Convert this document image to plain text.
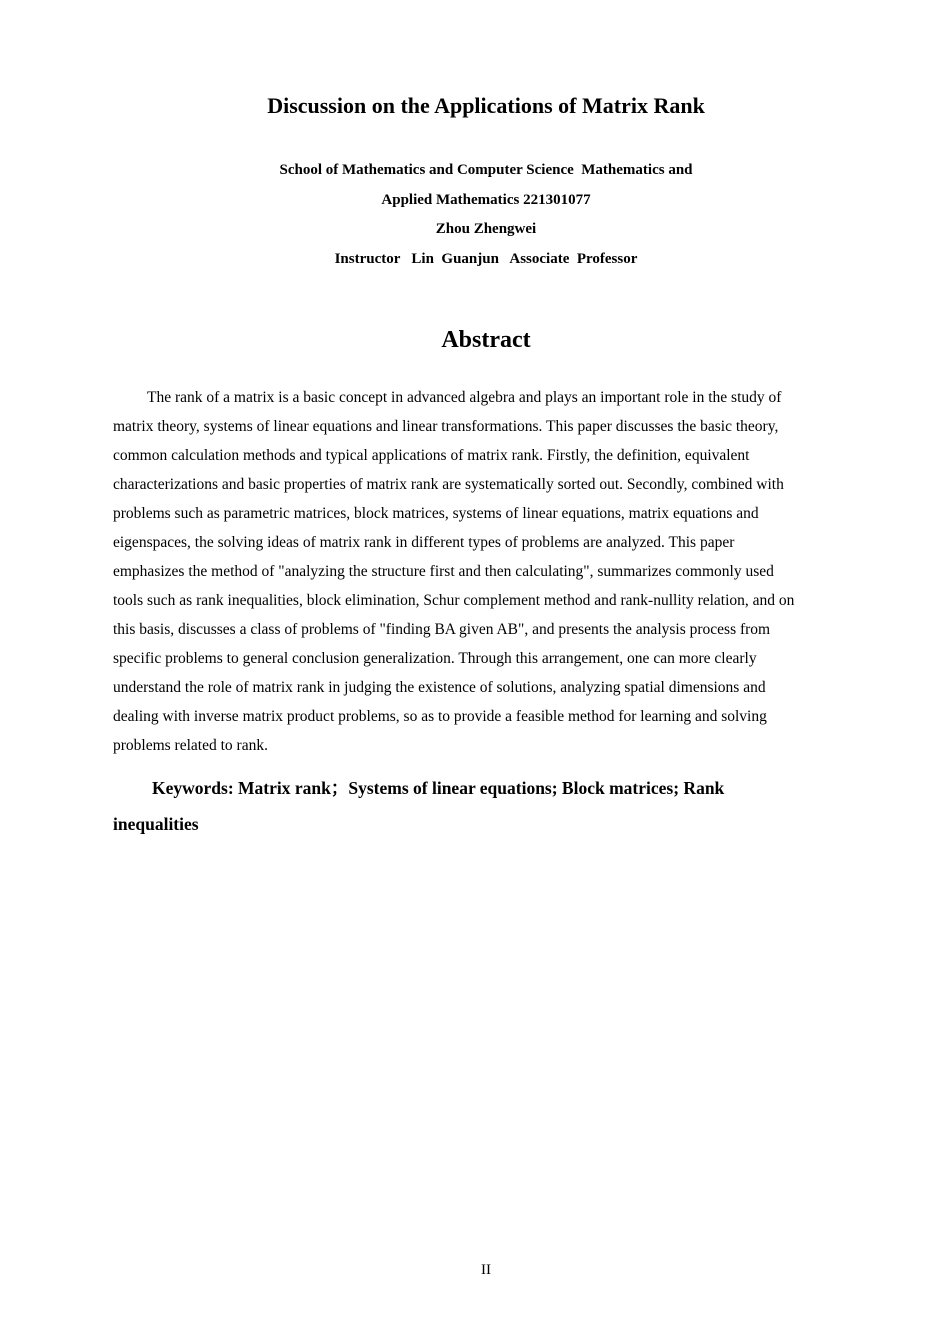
Discussion on the Applications of Matrix Rank
School of Mathematics and Computer Science  Mathematics and
Applied Mathematics 221301077
Zhou Zhengwei
Instructor   Lin  Guanjun   Associate  Professor
Abstract
The rank of a matrix is a basic concept in advanced algebra and plays an important role in the study of
matrix theory, systems of linear equations and linear transformations. This paper discusses the basic theory,
common calculation methods and typical applications of matrix rank. Firstly, the definition, equivalent
characterizations and basic properties of matrix rank are systematically sorted out. Secondly, combined with
problems such as parametric matrices, block matrices, systems of linear equations, matrix equations and
eigenspaces, the solving ideas of matrix rank in different types of problems are analyzed. This paper
emphasizes the method of "analyzing the structure first and then calculating", summarizes commonly used
tools such as rank inequalities, block elimination, Schur complement method and rank-nullity relation, and on
this basis, discusses a class of problems of "finding BA given AB", and presents the analysis process from
specific problems to general conclusion generalization. Through this arrangement, one can more clearly
understand the role of matrix rank in judging the existence of solutions, analyzing spatial dimensions and
dealing with inverse matrix product problems, so as to provide a feasible method for learning and solving
problems related to rank.
Keywords: Matrix rank；Systems of linear equations; Block matrices; Rank
inequalities
II
